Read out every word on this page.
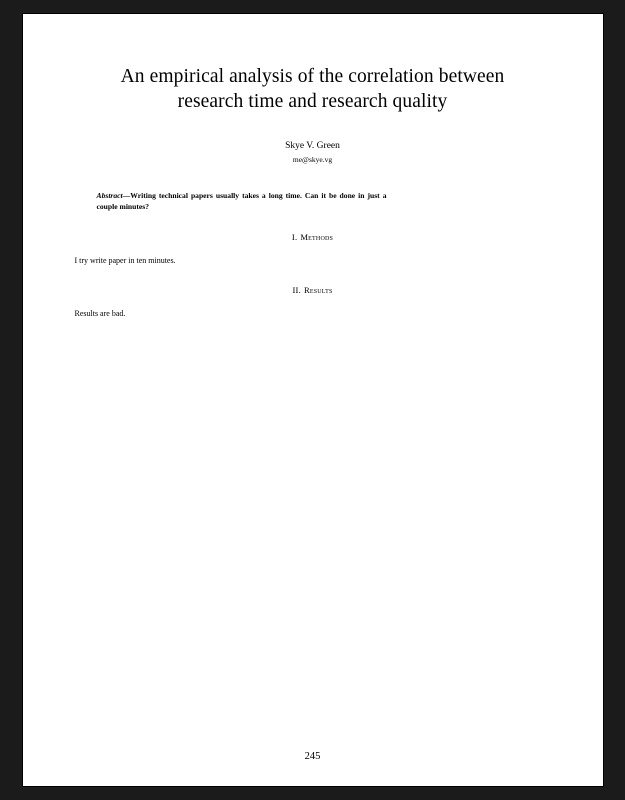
An empirical analysis of the correlation between
research time and research quality
Skye V. Green
me@skye.vg
Abstract—Writing technical papers usually takes a long time. Can it be done in just a couple minutes?
I. Methods
I try write paper in ten minutes.
II. Results
Results are bad.
245
